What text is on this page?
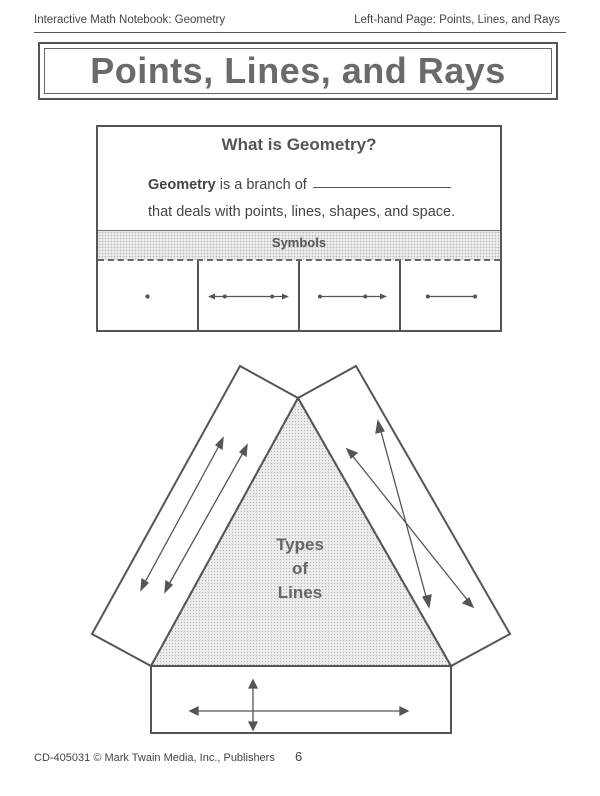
Interactive Math Notebook: Geometry	Left-hand Page: Points, Lines, and Rays
Points, Lines, and Rays
What is Geometry?
Geometry is a branch of
that deals with points, lines, shapes, and space.
Symbols
Types
of
Lines
CD-405031 © Mark Twain Media, Inc., Publishers 6
